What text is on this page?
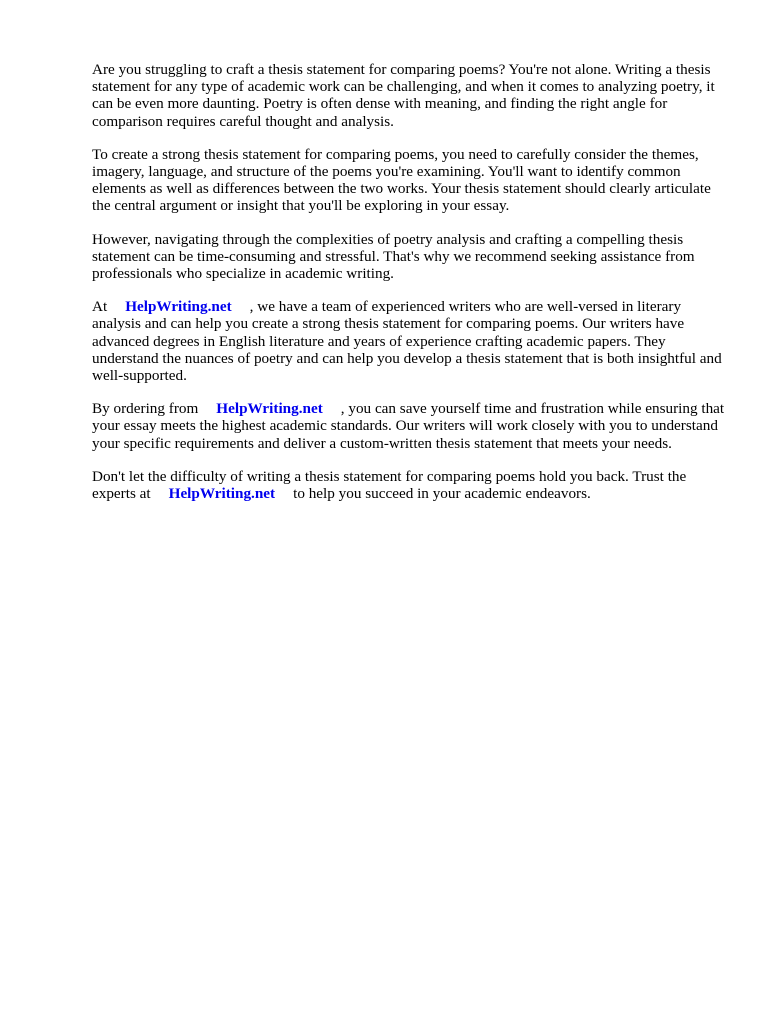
Are you struggling to craft a thesis statement for comparing poems? You're not alone. Writing a thesis statement for any type of academic work can be challenging, and when it comes to analyzing poetry, it can be even more daunting. Poetry is often dense with meaning, and finding the right angle for comparison requires careful thought and analysis.

To create a strong thesis statement for comparing poems, you need to carefully consider the themes, imagery, language, and structure of the poems you're examining. You'll want to identify common elements as well as differences between the two works. Your thesis statement should clearly articulate the central argument or insight that you'll be exploring in your essay.

However, navigating through the complexities of poetry analysis and crafting a compelling thesis statement can be time-consuming and stressful. That's why we recommend seeking assistance from professionals who specialize in academic writing.

At HelpWriting.net , we have a team of experienced writers who are well-versed in literary analysis and can help you create a strong thesis statement for comparing poems. Our writers have advanced degrees in English literature and years of experience crafting academic papers. They understand the nuances of poetry and can help you develop a thesis statement that is both insightful and well-supported.

By ordering from HelpWriting.net , you can save yourself time and frustration while ensuring that your essay meets the highest academic standards. Our writers will work closely with you to understand your specific requirements and deliver a custom-written thesis statement that meets your needs.

Don't let the difficulty of writing a thesis statement for comparing poems hold you back. Trust the experts at HelpWriting.net to help you succeed in your academic endeavors.
